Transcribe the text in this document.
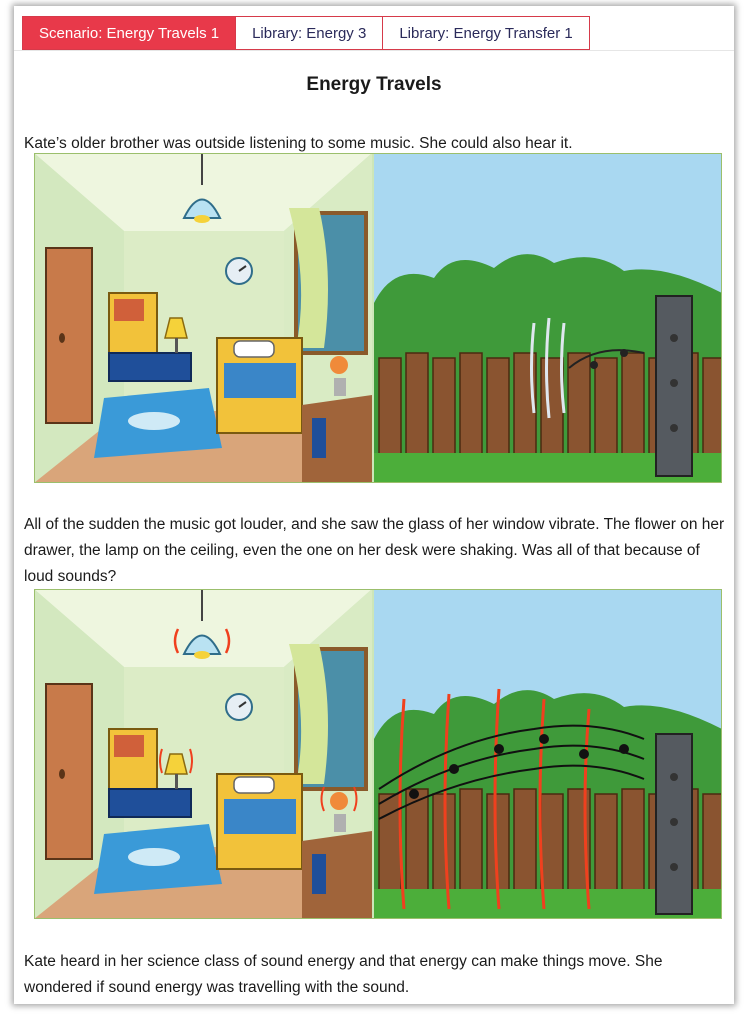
Scenario: Energy Travels 1	Library: Energy 3	Library: Energy Transfer 1
Energy Travels
Kate’s older brother was outside listening to some music. She could also hear it.
All of the sudden the music got louder, and she saw the glass of her window vibrate. The flower on her drawer, the lamp on the ceiling, even the one on her desk were shaking. Was all of that because of loud sounds?
Kate heard in her science class of sound energy and that energy can make things move. She wondered if sound energy was travelling with the sound.
